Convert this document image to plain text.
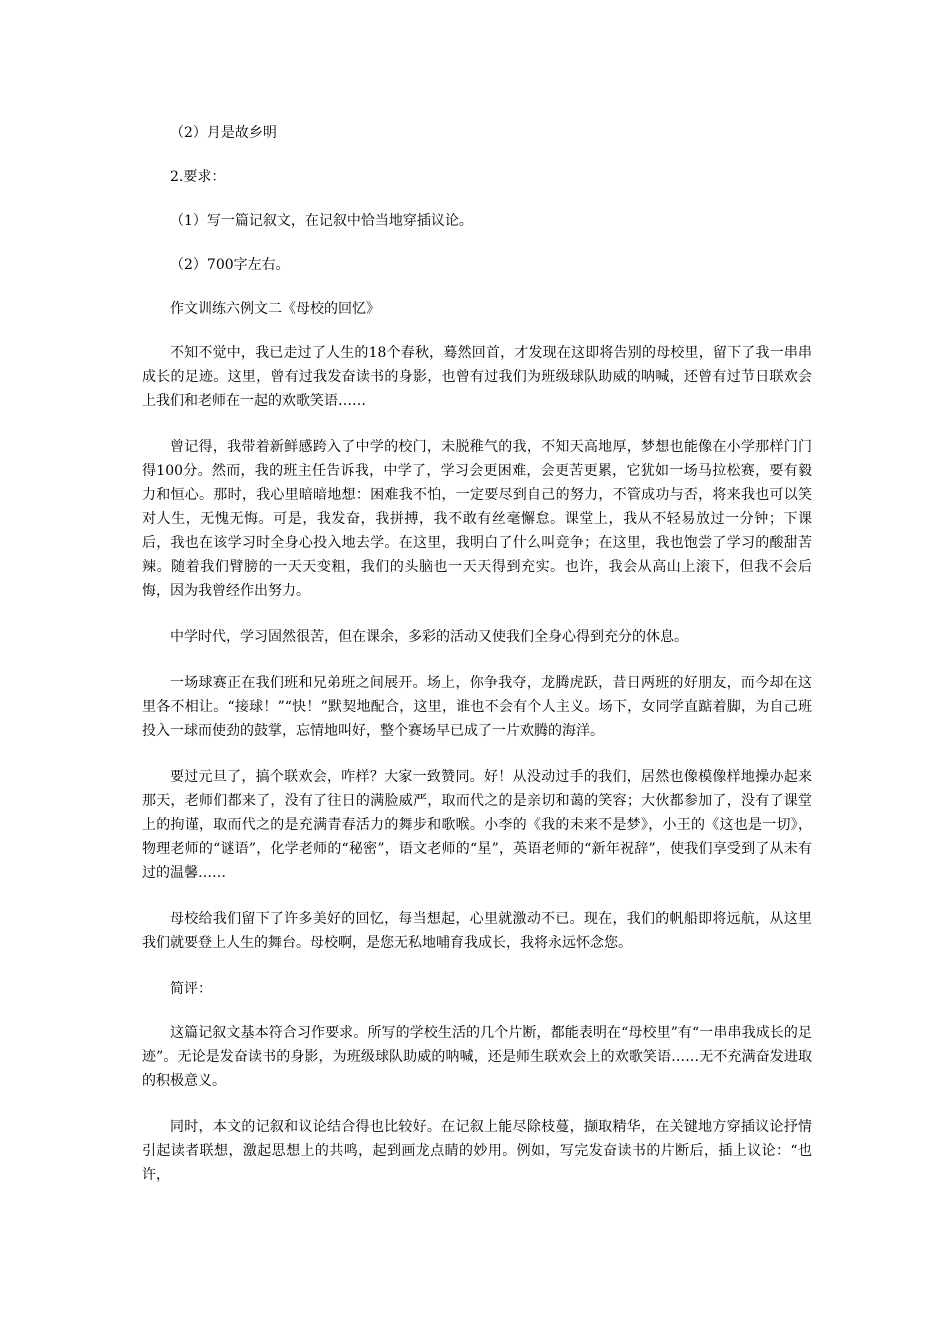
（2）月是故乡明

2.要求：

（1）写一篇记叙文，在记叙中恰当地穿插议论。

（2）700字左右。

作文训练六例文二《母校的回忆》

不知不觉中，我已走过了人生的18个春秋，蓦然回首，才发现在这即将告别的母校里，留下了我一串串成长的足迹。这里，曾有过我发奋读书的身影，也曾有过我们为班级球队助威的呐喊，还曾有过节日联欢会上我们和老师在一起的欢歌笑语……

曾记得，我带着新鲜感跨入了中学的校门，未脱稚气的我，不知天高地厚，梦想也能像在小学那样门门得100分。然而，我的班主任告诉我，中学了，学习会更困难，会更苦更累，它犹如一场马拉松赛，要有毅力和恒心。那时，我心里暗暗地想：困难我不怕，一定要尽到自己的努力，不管成功与否，将来我也可以笑对人生，无愧无悔。可是，我发奋，我拼搏，我不敢有丝毫懈怠。课堂上，我从不轻易放过一分钟；下课后，我也在该学习时全身心投入地去学。在这里，我明白了什么叫竞争；在这里，我也饱尝了学习的酸甜苦辣。随着我们臂膀的一天天变粗，我们的头脑也一天天得到充实。也许，我会从高山上滚下，但我不会后悔，因为我曾经作出努力。

中学时代，学习固然很苦，但在课余，多彩的活动又使我们全身心得到充分的休息。

一场球赛正在我们班和兄弟班之间展开。场上，你争我夺，龙腾虎跃，昔日两班的好朋友，而今却在这里各不相让。“接球！”“快！”默契地配合，这里，谁也不会有个人主义。场下，女同学直踮着脚，为自己班投入一球而使劲的鼓掌，忘情地叫好，整个赛场早已成了一片欢腾的海洋。

要过元旦了，搞个联欢会，咋样？大家一致赞同。好！从没动过手的我们，居然也像模像样地操办起来那天，老师们都来了，没有了往日的满脸威严，取而代之的是亲切和蔼的笑容；大伙都参加了，没有了课堂上的拘谨，取而代之的是充满青春活力的舞步和歌喉。小李的《我的未来不是梦》，小王的《这也是一切》，物理老师的“谜语”，化学老师的“秘密”，语文老师的“星”，英语老师的“新年祝辞”，使我们享受到了从未有过的温馨……

母校给我们留下了许多美好的回忆，每当想起，心里就激动不已。现在，我们的帆船即将远航，从这里我们就要登上人生的舞台。母校啊，是您无私地哺育我成长，我将永远怀念您。

简评：

这篇记叙文基本符合习作要求。所写的学校生活的几个片断，都能表明在“母校里”有“一串串我成长的足迹”。无论是发奋读书的身影，为班级球队助威的呐喊，还是师生联欢会上的欢歌笑语……无不充满奋发进取的积极意义。

同时，本文的记叙和议论结合得也比较好。在记叙上能尽除枝蔓，撷取精华，在关键地方穿插议论抒情引起读者联想，激起思想上的共鸣，起到画龙点睛的妙用。例如，写完发奋读书的片断后，插上议论：“也许，
